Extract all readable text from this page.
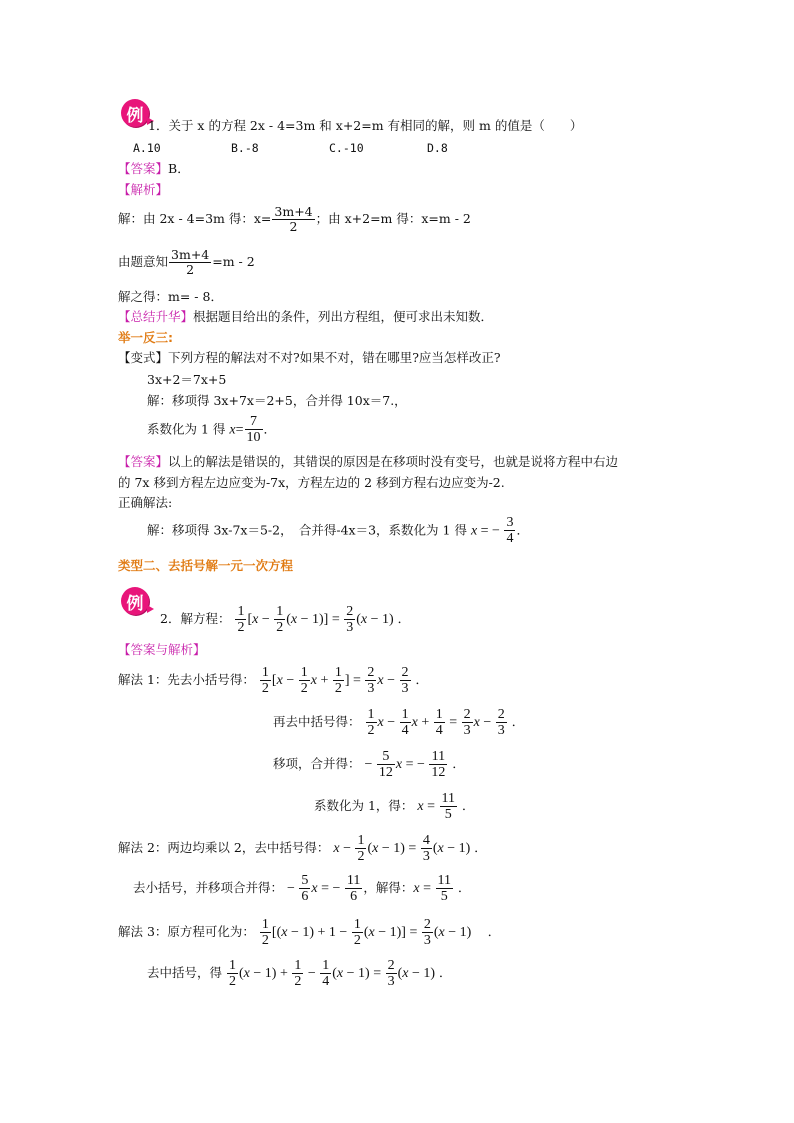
例 1．关于 x 的方程 2x - 4=3m 和 x+2=m 有相同的解，则 m 的值是（　　）
A.10	B.-8	C.-10	D.8
【答案】B．
【解析】
解：由 2x - 4=3m 得：$x= \frac{3m+4}{2}$ ；由 x+2=m 得：x=m - 2
由题意知 $\frac{3m+4}{2} =m - 2$
解之得：m= - 8．
【总结升华】根据题目给出的条件，列出方程组，便可求出未知数．
举一反三:
【变式】下列方程的解法对不对?如果不对，错在哪里?应当怎样改正?
3x+2＝7x+5
解：移项得 3x+7x＝2+5，合并得 10x＝7.，
系数化为 1 得 $x= \frac{7}{10}$ ．
【答案】以上的解法是错误的，其错误的原因是在移项时没有变号，也就是说将方程中右边
的 7x 移到方程左边应变为-7x，方程左边的 2 移到方程右边应变为-2.
正确解法:
解：移项得 3x-7x＝5-2，　合并得-4x＝3，系数化为 1 得 x = − $\frac{3}{4}$ ．
类型二、去括号解一元一次方程
例
2．解方程： $\frac{1}{2} [x - \frac{1}{2} (x - 1)] = \frac{2}{3} (x - 1)$ ．
【答案与解析】
解法 1：先去小括号得： $\frac{1}{2} [x - \frac{1}{2}$ $x + \frac{1}{2}$ ] = $\frac{2}{3}$ $x - \frac{2}{3}$ ．
再去中括号得： $\frac{1}{2}$ $x - \frac{1}{4}$ $x + \frac{1}{4} = \frac{2}{3}$ $x - \frac{2}{3}$ ．
移项，合并得： − $\frac{5}{12}$ x = − $\frac{11}{12}$ ．
系数化为 1，得： $x = \frac{11}{5}$ ．
解法 2：两边均乘以 2，去中括号得： $x - \frac{1}{2} (x - 1) = \frac{4}{3} (x - 1)$ ．
去小括号，并移项合并得： − $\frac{5}{6}$ x = − $\frac{11}{6}$ ，解得：$x = \frac{11}{5}$ ．
解法 3：原方程可化为： $\frac{1}{2} [(x - 1) + 1 - \frac{1}{2} (x - 1)] = \frac{2}{3} (x - 1)$ 　．
去中括号，得 $\frac{1}{2} (x - 1) + \frac{1}{2} - \frac{1}{4} (x - 1) = \frac{2}{3} (x - 1)$ ．
